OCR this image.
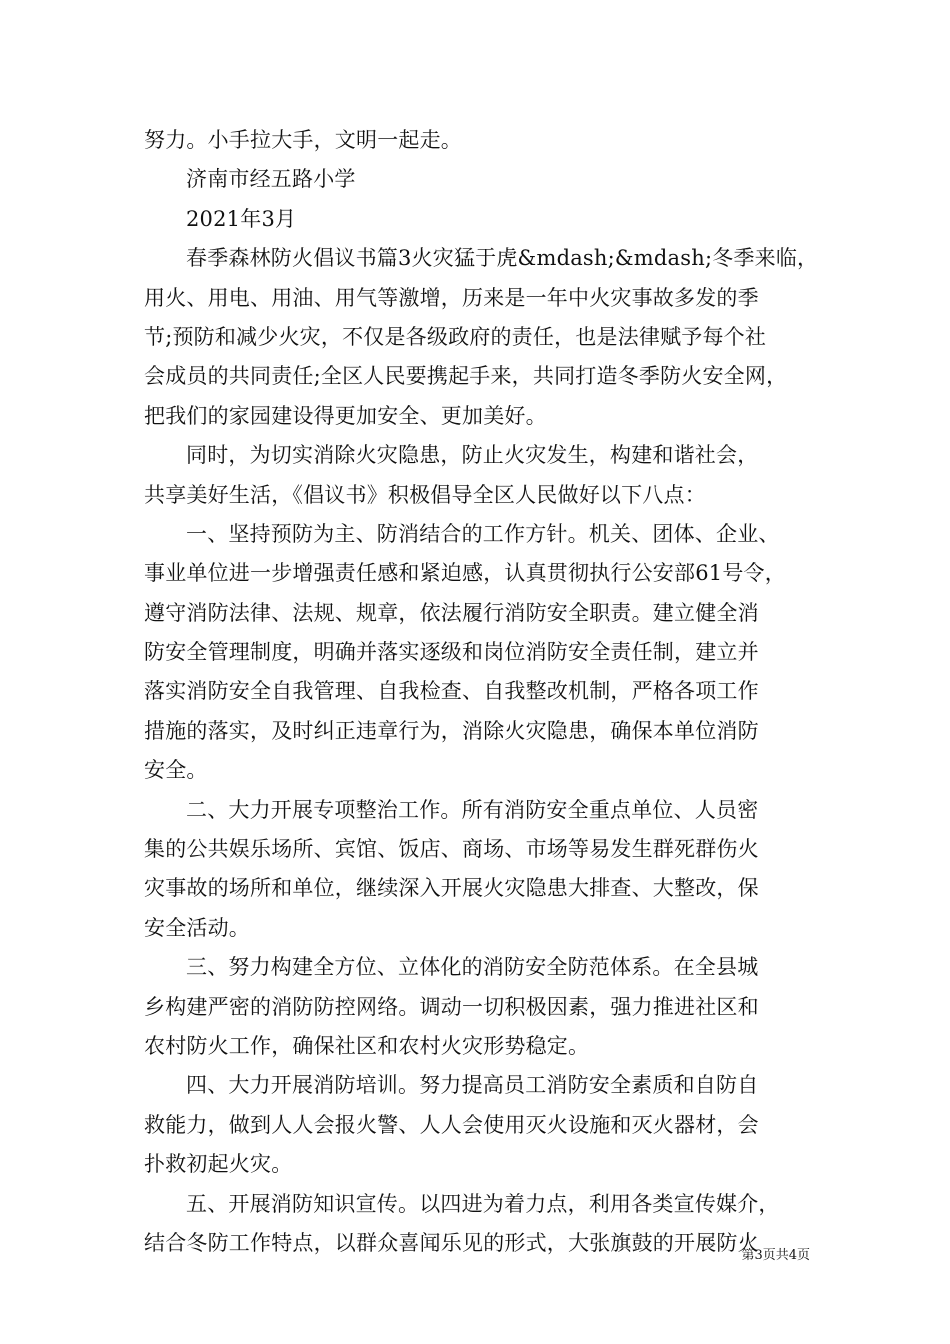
努力。小手拉大手，文明一起走。
济南市经五路小学
2021年3月
春季森林防火倡议书篇3火灾猛于虎&mdash;&mdash;冬季来临，
用火、用电、用油、用气等激增，历来是一年中火灾事故多发的季
节;预防和减少火灾，不仅是各级政府的责任，也是法律赋予每个社
会成员的共同责任;全区人民要携起手来，共同打造冬季防火安全网，
把我们的家园建设得更加安全、更加美好。
同时，为切实消除火灾隐患，防止火灾发生，构建和谐社会，
共享美好生活，《倡议书》积极倡导全区人民做好以下八点：
一、坚持预防为主、防消结合的工作方针。机关、团体、企业、
事业单位进一步增强责任感和紧迫感，认真贯彻执行公安部61号令，
遵守消防法律、法规、规章，依法履行消防安全职责。建立健全消
防安全管理制度，明确并落实逐级和岗位消防安全责任制，建立并
落实消防安全自我管理、自我检查、自我整改机制，严格各项工作
措施的落实，及时纠正违章行为，消除火灾隐患，确保本单位消防
安全。
二、大力开展专项整治工作。所有消防安全重点单位、人员密
集的公共娱乐场所、宾馆、饭店、商场、市场等易发生群死群伤火
灾事故的场所和单位，继续深入开展火灾隐患大排查、大整改，保
安全活动。
三、努力构建全方位、立体化的消防安全防范体系。在全县城
乡构建严密的消防防控网络。调动一切积极因素，强力推进社区和
农村防火工作，确保社区和农村火灾形势稳定。
四、大力开展消防培训。努力提高员工消防安全素质和自防自
救能力，做到人人会报火警、人人会使用灭火设施和灭火器材，会
扑救初起火灾。
五、开展消防知识宣传。以四进为着力点，利用各类宣传媒介，
结合冬防工作特点，以群众喜闻乐见的形式，大张旗鼓的开展防火
第3页共4页
